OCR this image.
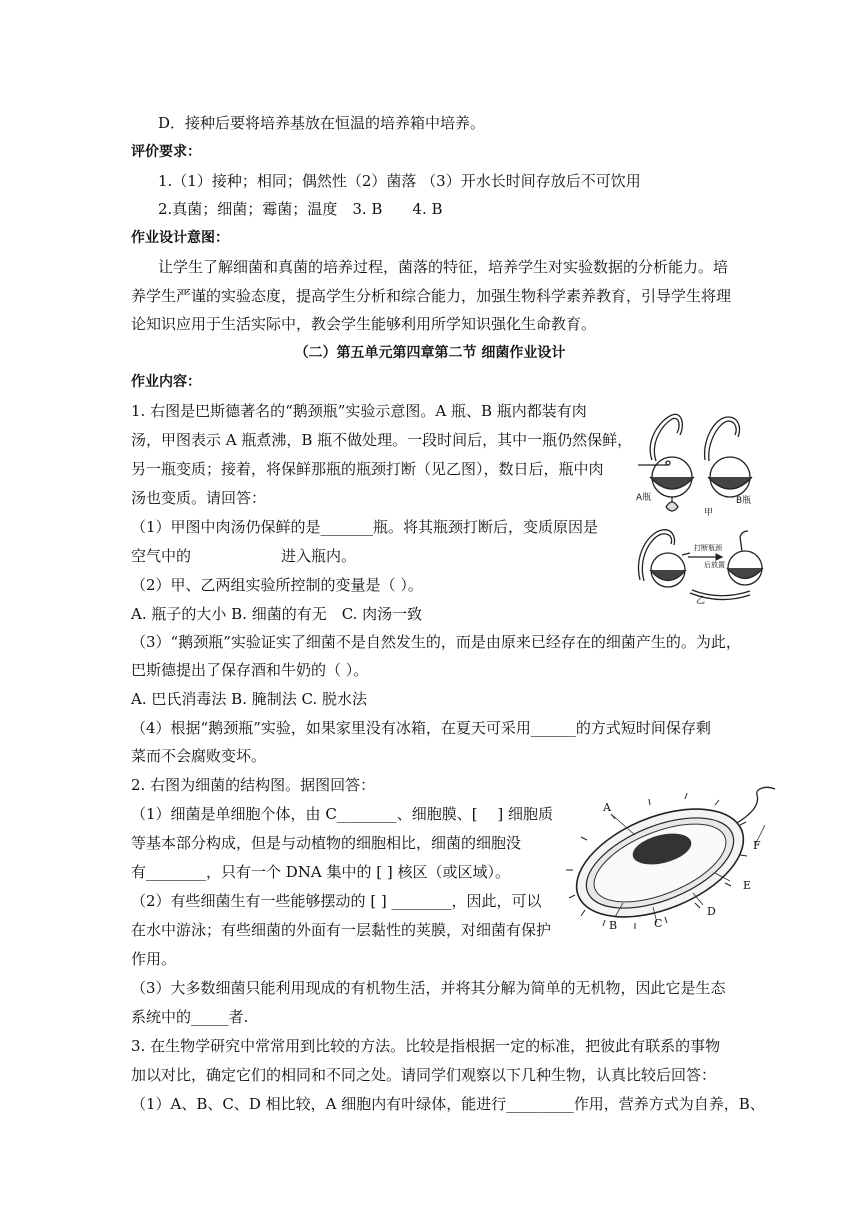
D．接种后要将培养基放在恒温的培养箱中培养。
评价要求：
1.（1）接种；相同；偶然性（2）菌落 （3）开水长时间存放后不可饮用
2.真菌；细菌；霉菌；温度　3. B　　4. B
作业设计意图：
让学生了解细菌和真菌的培养过程，菌落的特征，培养学生对实验数据的分析能力。培
养学生严谨的实验态度，提高学生分析和综合能力，加强生物科学素养教育，引导学生将理
论知识应用于生活实际中，教会学生能够利用所学知识强化生命教育。
（二）第五单元第四章第二节 细菌作业设计
作业内容：
1. 右图是巴斯德著名的“鹅颈瓶”实验示意图。A 瓶、B 瓶内都装有肉
汤，甲图表示 A 瓶煮沸，B 瓶不做处理。一段时间后，其中一瓶仍然保鲜，
另一瓶变质；接着，将保鲜那瓶的瓶颈打断（见乙图），数日后，瓶中肉
汤也变质。请回答：
（1）甲图中肉汤仍保鲜的是_______瓶。将其瓶颈打断后，变质原因是
空气中的　　　　　　进入瓶内。
（2）甲、乙两组实验所控制的变量是（ ）。
A. 瓶子的大小 B. 细菌的有无　C. 肉汤一致
（3）“鹅颈瓶”实验证实了细菌不是自然发生的，而是由原来已经存在的细菌产生的。为此，
巴斯德提出了保存酒和牛奶的（ ）。
A. 巴氏消毒法 B. 腌制法 C. 脱水法
（4）根据“鹅颈瓶”实验，如果家里没有冰箱，在夏天可采用______的方式短时间保存剩
菜而不会腐败变坏。
2. 右图为细菌的结构图。据图回答：
（1）细菌是单细胞个体，由 C________、细胞膜、[　 ] 细胞质
等基本部分构成，但是与动植物的细胞相比，细菌的细胞没
有________，只有一个 DNA 集中的 [ ] 核区（或区域）。
（2）有些细菌生有一些能够摆动的 [ ] ________，因此，可以
在水中游泳；有些细菌的外面有一层黏性的荚膜，对细菌有保护
作用。
（3）大多数细菌只能利用现成的有机物生活，并将其分解为简单的无机物，因此它是生态
系统中的_____者.
3. 在生物学研究中常常用到比较的方法。比较是指根据一定的标准，把彼此有联系的事物
加以对比，确定它们的相同和不同之处。请同学们观察以下几种生物，认真比较后回答：
（1）A、B、C、D 相比较，A 细胞内有叶绿体，能进行_________作用，营养方式为自养，B、
A瓶	B瓶
甲
打断瓶颈
后放置
乙
A
B	C
D
E
F
